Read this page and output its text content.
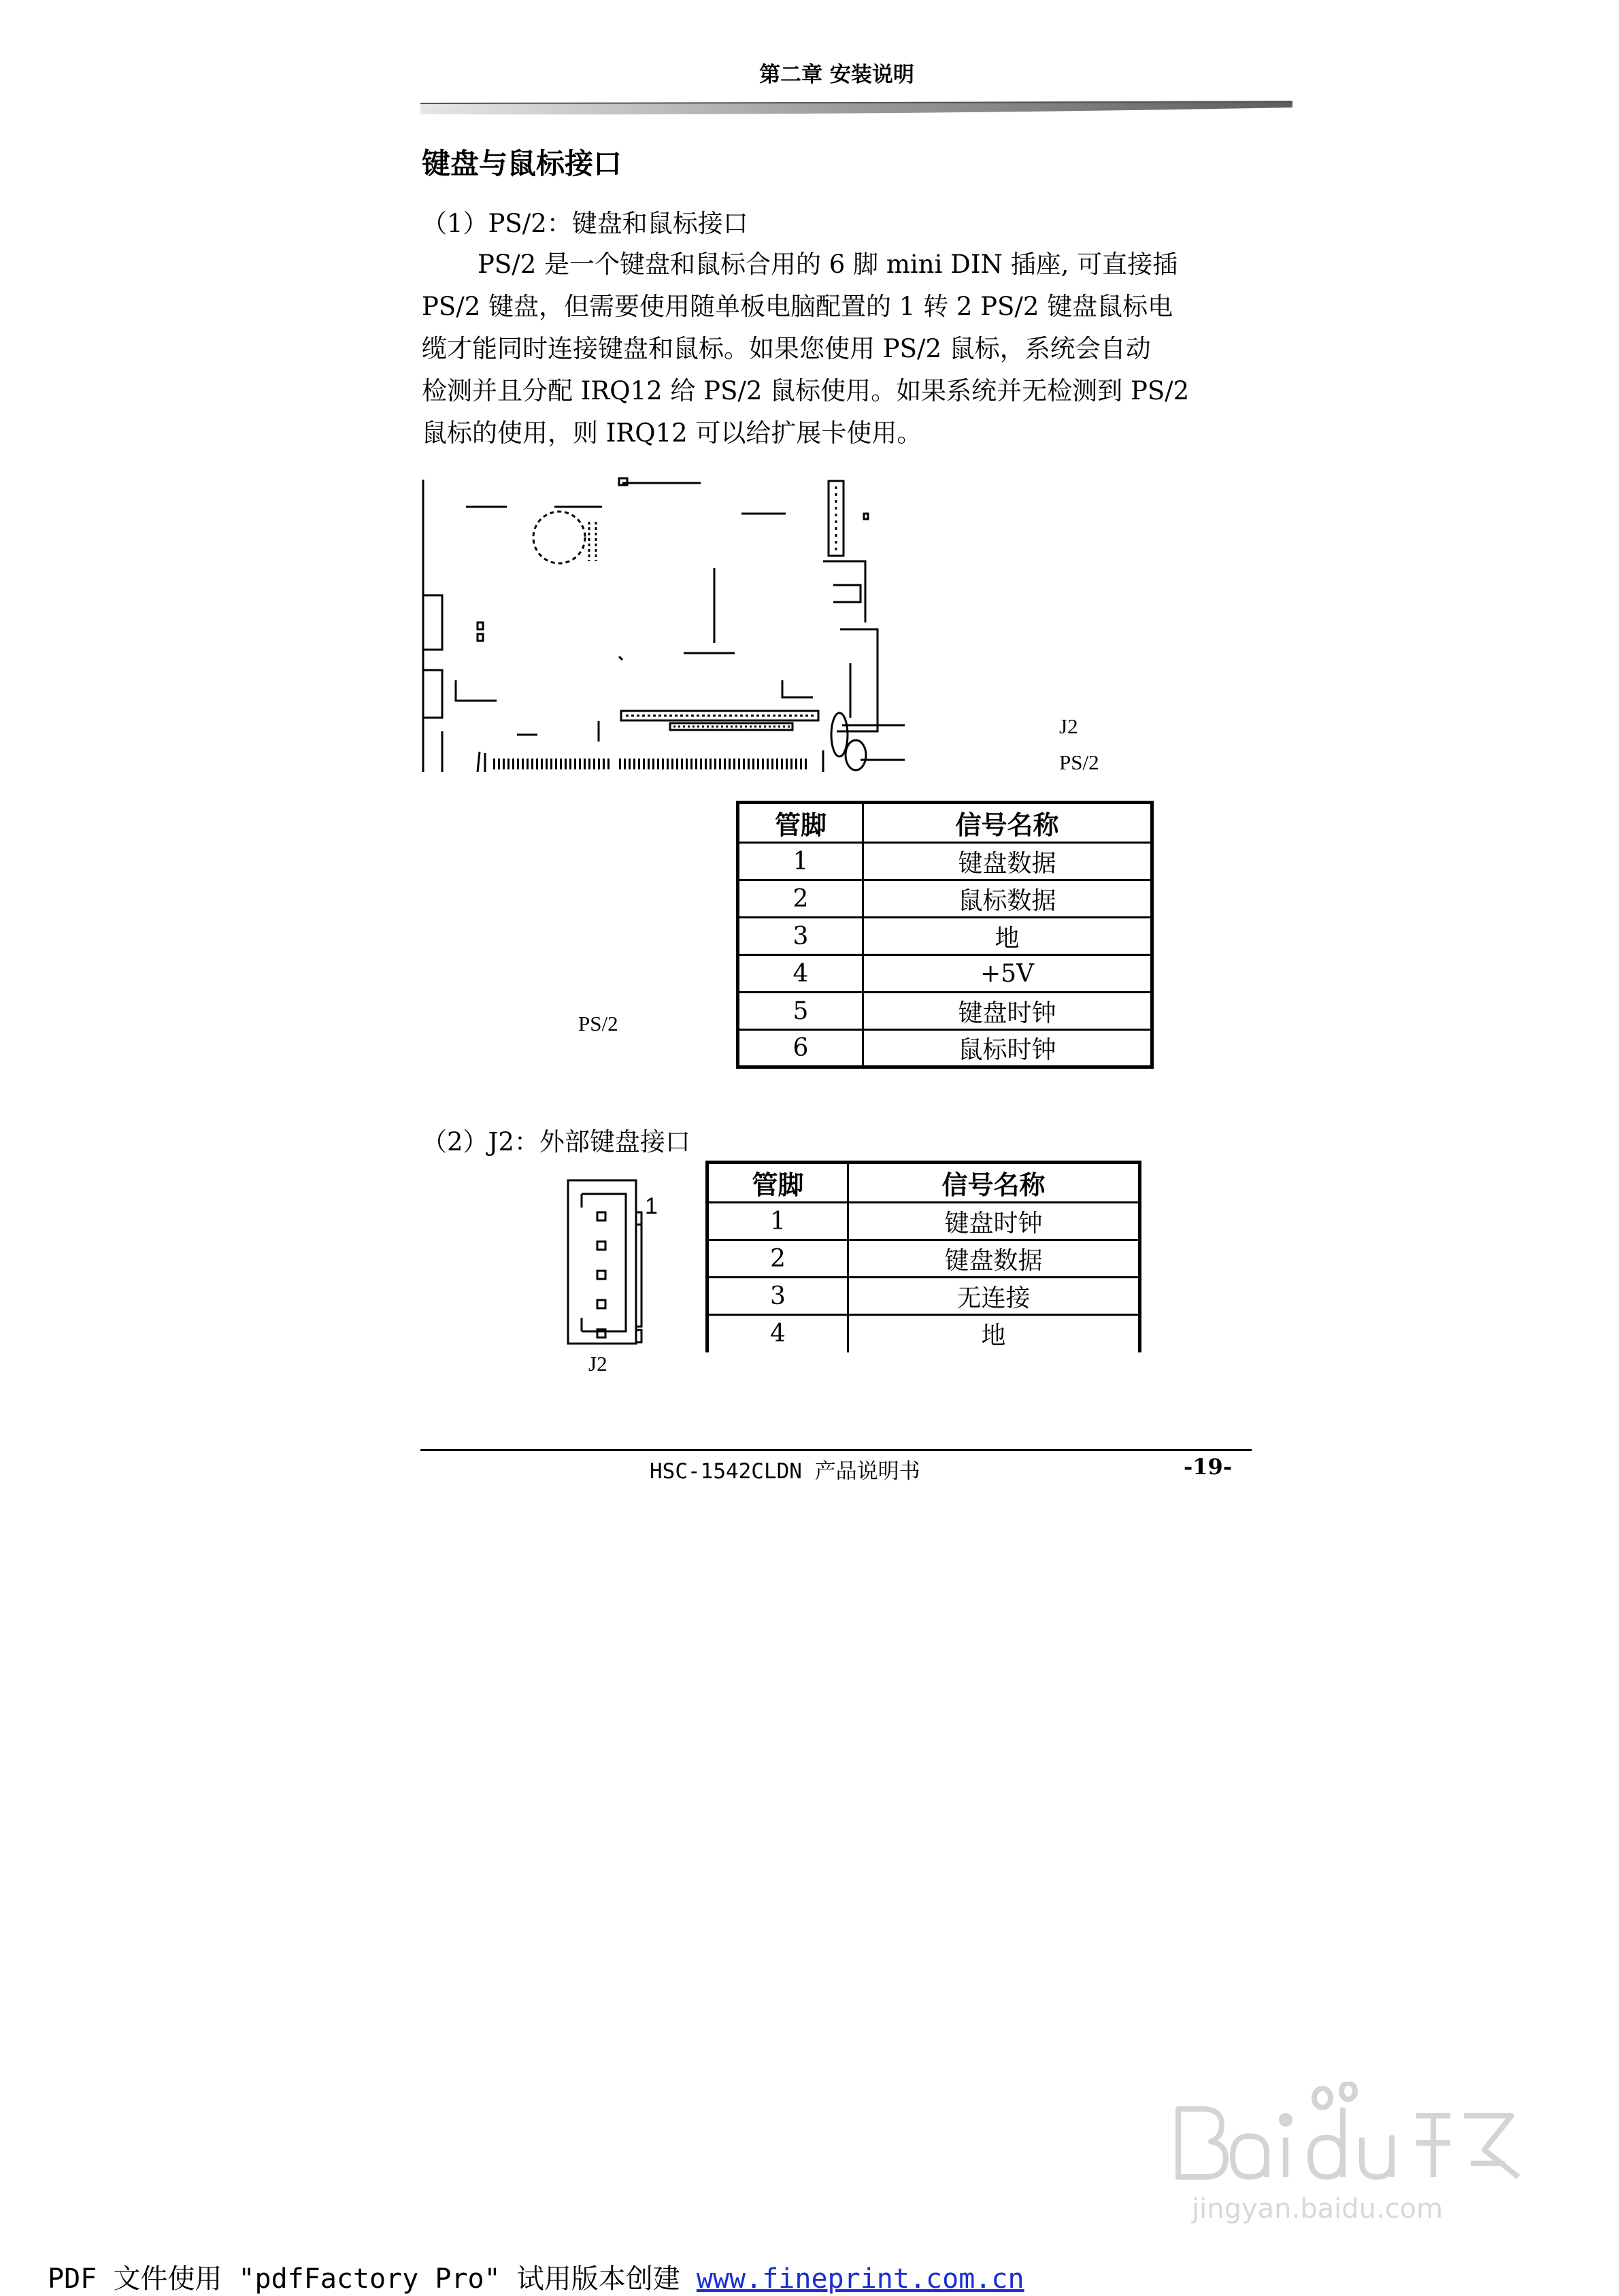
第二章 安装说明
键盘与鼠标接口
（1）PS/2：键盘和鼠标接口

PS/2 是一个键盘和鼠标合用的 6 脚 mini DIN 插座, 可直接插

PS/2 键盘，但需要使用随单板电脑配置的 1 转 2 PS/2 键盘鼠标电

缆才能同时连接键盘和鼠标。如果您使用 PS/2 鼠标，系统会自动

检测并且分配 IRQ12 给 PS/2 鼠标使用。如果系统并无检测到 PS/2

鼠标的使用，则 IRQ12 可以给扩展卡使用。

J2
PS/2
管脚	信号名称
1	键盘数据
2	鼠标数据
3	地
4	+5V
5	键盘时钟
6	鼠标时钟
PS/2
（2）J2：外部键盘接口
1
J2
管脚	信号名称
1	键盘时钟
2	键盘数据
3	无连接
4	地
HSC-1542CLDN 产品说明书	-19-
jingyan.baidu.com
PDF 文件使用 "pdfFactory Pro" 试用版本创建 www.fineprint.com.cn
